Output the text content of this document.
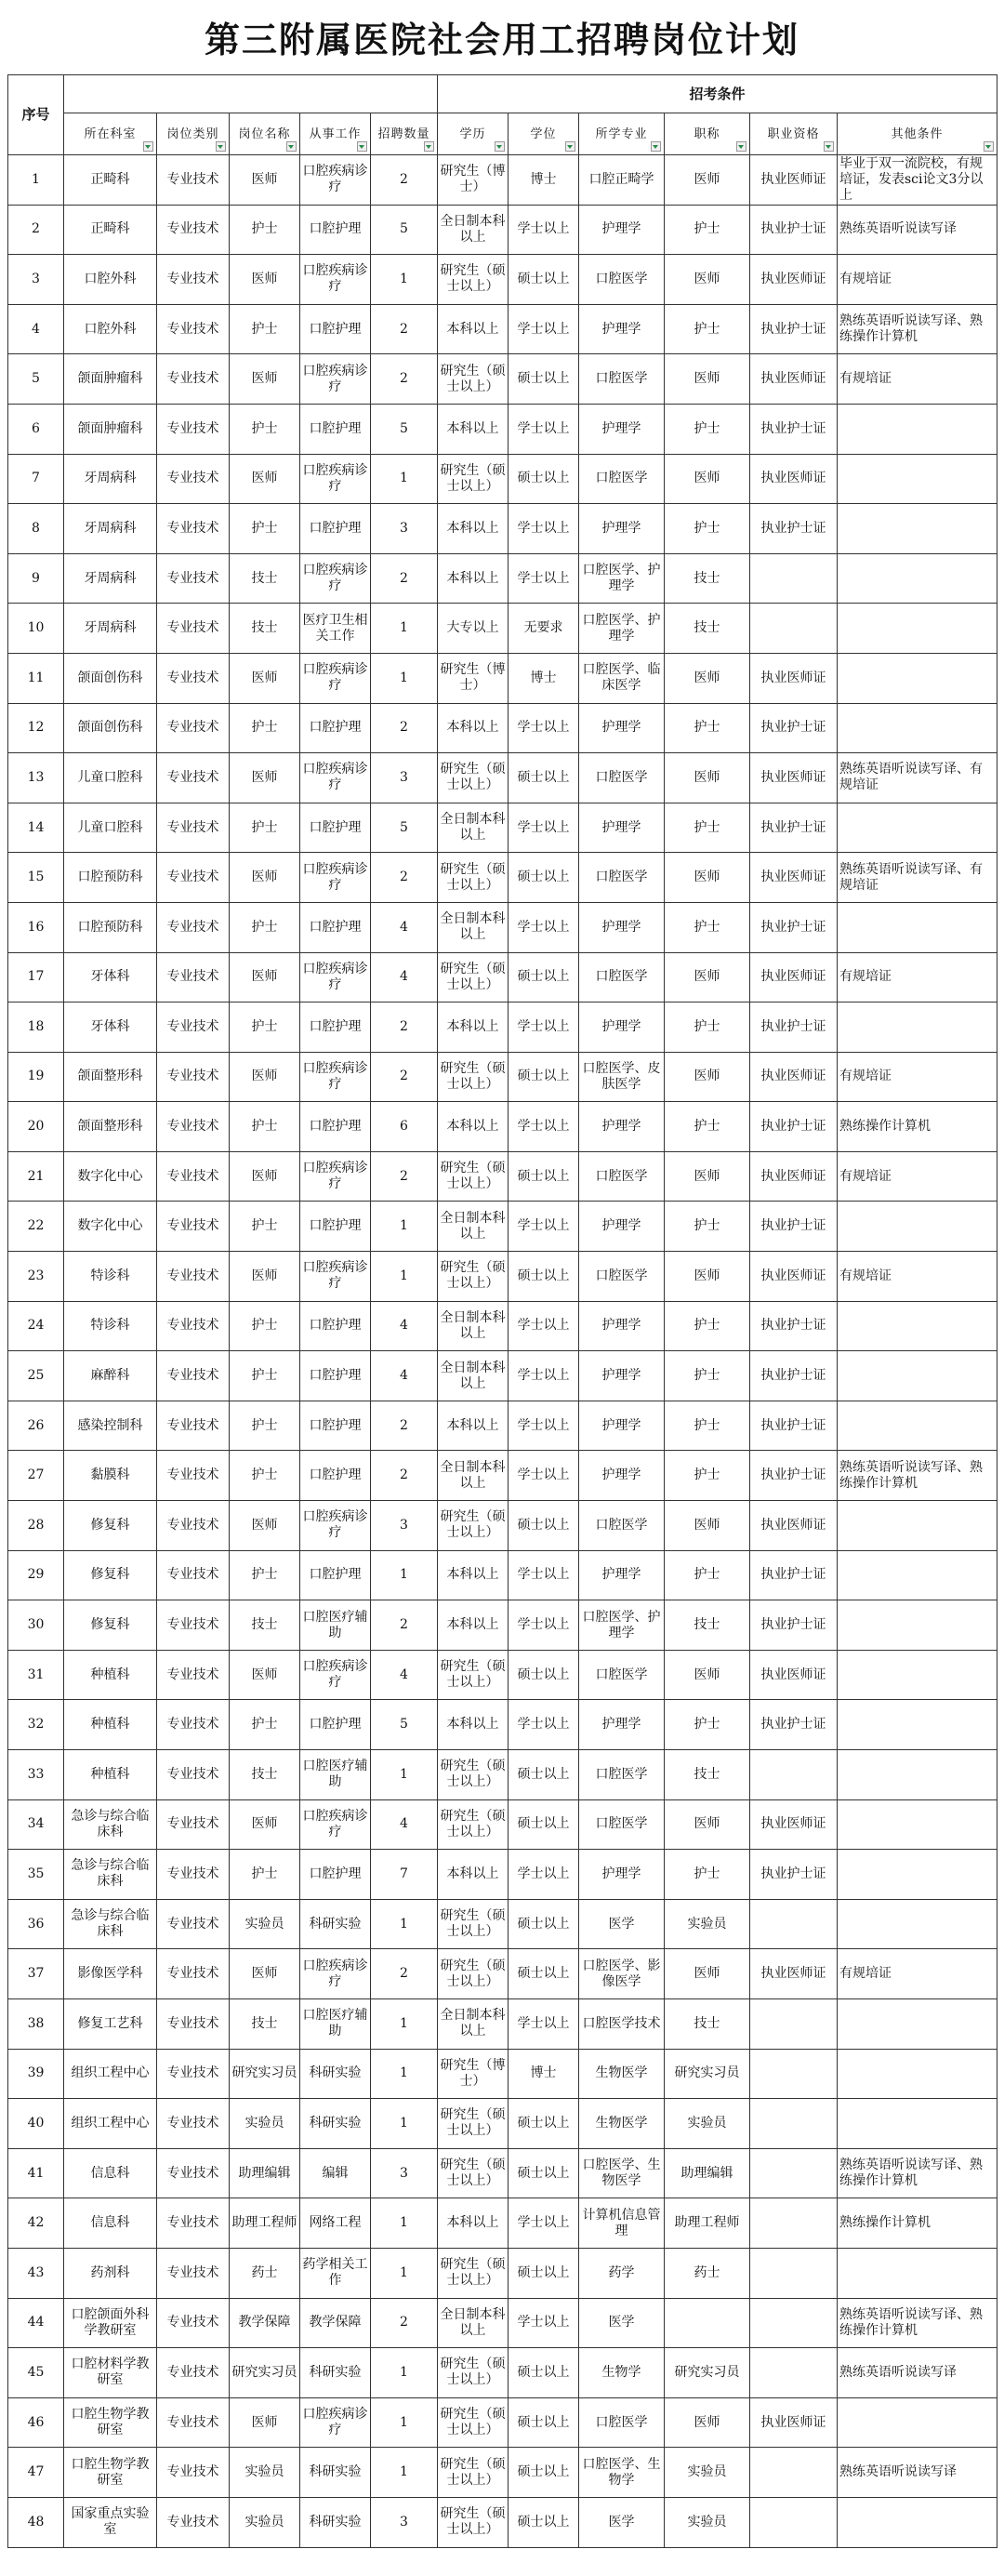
第三附属医院社会用工招聘岗位计划
序号						招考条件					
	所在科室	岗位类别	岗位名称	从事工作	招聘数量	学历	学位	所学专业	职称	职业资格	其他条件

1	正畸科	专业技术	医师	口腔疾病诊疗	2	研究生（博士）	博士	口腔正畸学	医师	执业医师证	毕业于双一流院校，有规培证，发表sci论文3分以上
2	正畸科	专业技术	护士	口腔护理	5	全日制本科以上	学士以上	护理学	护士	执业护士证	熟练英语听说读写译
3	口腔外科	专业技术	医师	口腔疾病诊疗	1	研究生（硕士以上）	硕士以上	口腔医学	医师	执业医师证	有规培证
4	口腔外科	专业技术	护士	口腔护理	2	本科以上	学士以上	护理学	护士	执业护士证	熟练英语听说读写译、熟练操作计算机
5	颌面肿瘤科	专业技术	医师	口腔疾病诊疗	2	研究生（硕士以上）	硕士以上	口腔医学	医师	执业医师证	有规培证
6	颌面肿瘤科	专业技术	护士	口腔护理	5	本科以上	学士以上	护理学	护士	执业护士证	
7	牙周病科	专业技术	医师	口腔疾病诊疗	1	研究生（硕士以上）	硕士以上	口腔医学	医师	执业医师证	
8	牙周病科	专业技术	护士	口腔护理	3	本科以上	学士以上	护理学	护士	执业护士证	
9	牙周病科	专业技术	技士	口腔疾病诊疗	2	本科以上	学士以上	口腔医学、护理学	技士		
10	牙周病科	专业技术	技士	医疗卫生相关工作	1	大专以上	无要求	口腔医学、护理学	技士		
11	颌面创伤科	专业技术	医师	口腔疾病诊疗	1	研究生（博士）	博士	口腔医学、临床医学	医师	执业医师证	
12	颌面创伤科	专业技术	护士	口腔护理	2	本科以上	学士以上	护理学	护士	执业护士证	
13	儿童口腔科	专业技术	医师	口腔疾病诊疗	3	研究生（硕士以上）	硕士以上	口腔医学	医师	执业医师证	熟练英语听说读写译、有规培证
14	儿童口腔科	专业技术	护士	口腔护理	5	全日制本科以上	学士以上	护理学	护士	执业护士证	
15	口腔预防科	专业技术	医师	口腔疾病诊疗	2	研究生（硕士以上）	硕士以上	口腔医学	医师	执业医师证	熟练英语听说读写译、有规培证
16	口腔预防科	专业技术	护士	口腔护理	4	全日制本科以上	学士以上	护理学	护士	执业护士证	
17	牙体科	专业技术	医师	口腔疾病诊疗	4	研究生（硕士以上）	硕士以上	口腔医学	医师	执业医师证	有规培证
18	牙体科	专业技术	护士	口腔护理	2	本科以上	学士以上	护理学	护士	执业护士证	
19	颌面整形科	专业技术	医师	口腔疾病诊疗	2	研究生（硕士以上）	硕士以上	口腔医学、皮肤医学	医师	执业医师证	有规培证
20	颌面整形科	专业技术	护士	口腔护理	6	本科以上	学士以上	护理学	护士	执业护士证	熟练操作计算机
21	数字化中心	专业技术	医师	口腔疾病诊疗	2	研究生（硕士以上）	硕士以上	口腔医学	医师	执业医师证	有规培证
22	数字化中心	专业技术	护士	口腔护理	1	全日制本科以上	学士以上	护理学	护士	执业护士证	
23	特诊科	专业技术	医师	口腔疾病诊疗	1	研究生（硕士以上）	硕士以上	口腔医学	医师	执业医师证	有规培证
24	特诊科	专业技术	护士	口腔护理	4	全日制本科以上	学士以上	护理学	护士	执业护士证	
25	麻醉科	专业技术	护士	口腔护理	4	全日制本科以上	学士以上	护理学	护士	执业护士证	
26	感染控制科	专业技术	护士	口腔护理	2	本科以上	学士以上	护理学	护士	执业护士证	
27	黏膜科	专业技术	护士	口腔护理	2	全日制本科以上	学士以上	护理学	护士	执业护士证	熟练英语听说读写译、熟练操作计算机
28	修复科	专业技术	医师	口腔疾病诊疗	3	研究生（硕士以上）	硕士以上	口腔医学	医师	执业医师证	
29	修复科	专业技术	护士	口腔护理	1	本科以上	学士以上	护理学	护士	执业护士证	
30	修复科	专业技术	技士	口腔医疗辅助	2	本科以上	学士以上	口腔医学、护理学	技士	执业护士证	
31	种植科	专业技术	医师	口腔疾病诊疗	4	研究生（硕士以上）	硕士以上	口腔医学	医师	执业医师证	
32	种植科	专业技术	护士	口腔护理	5	本科以上	学士以上	护理学	护士	执业护士证	
33	种植科	专业技术	技士	口腔医疗辅助	1	研究生（硕士以上）	硕士以上	口腔医学	技士		
34	急诊与综合临床科	专业技术	医师	口腔疾病诊疗	4	研究生（硕士以上）	硕士以上	口腔医学	医师	执业医师证	
35	急诊与综合临床科	专业技术	护士	口腔护理	7	本科以上	学士以上	护理学	护士	执业护士证	
36	急诊与综合临床科	专业技术	实验员	科研实验	1	研究生（硕士以上）	硕士以上	医学	实验员		
37	影像医学科	专业技术	医师	口腔疾病诊疗	2	研究生（硕士以上）	硕士以上	口腔医学、影像医学	医师	执业医师证	有规培证
38	修复工艺科	专业技术	技士	口腔医疗辅助	1	全日制本科以上	学士以上	口腔医学技术	技士		
39	组织工程中心	专业技术	研究实习员	科研实验	1	研究生（博士）	博士	生物医学	研究实习员		
40	组织工程中心	专业技术	实验员	科研实验	1	研究生（硕士以上）	硕士以上	生物医学	实验员		
41	信息科	专业技术	助理编辑	编辑	3	研究生（硕士以上）	硕士以上	口腔医学、生物医学	助理编辑		熟练英语听说读写译、熟练操作计算机
42	信息科	专业技术	助理工程师	网络工程	1	本科以上	学士以上	计算机信息管理	助理工程师		熟练操作计算机
43	药剂科	专业技术	药士	药学相关工作	1	研究生（硕士以上）	硕士以上	药学	药士		
44	口腔颌面外科学教研室	专业技术	教学保障	教学保障	2	全日制本科以上	学士以上	医学			熟练英语听说读写译、熟练操作计算机
45	口腔材料学教研室	专业技术	研究实习员	科研实验	1	研究生（硕士以上）	硕士以上	生物学	研究实习员		熟练英语听说读写译
46	口腔生物学教研室	专业技术	医师	口腔疾病诊疗	1	研究生（硕士以上）	硕士以上	口腔医学	医师	执业医师证	
47	口腔生物学教研室	专业技术	实验员	科研实验	1	研究生（硕士以上）	硕士以上	口腔医学、生物学	实验员		熟练英语听说读写译
48	国家重点实验室	专业技术	实验员	科研实验	3	研究生（硕士以上）	硕士以上	医学	实验员		
